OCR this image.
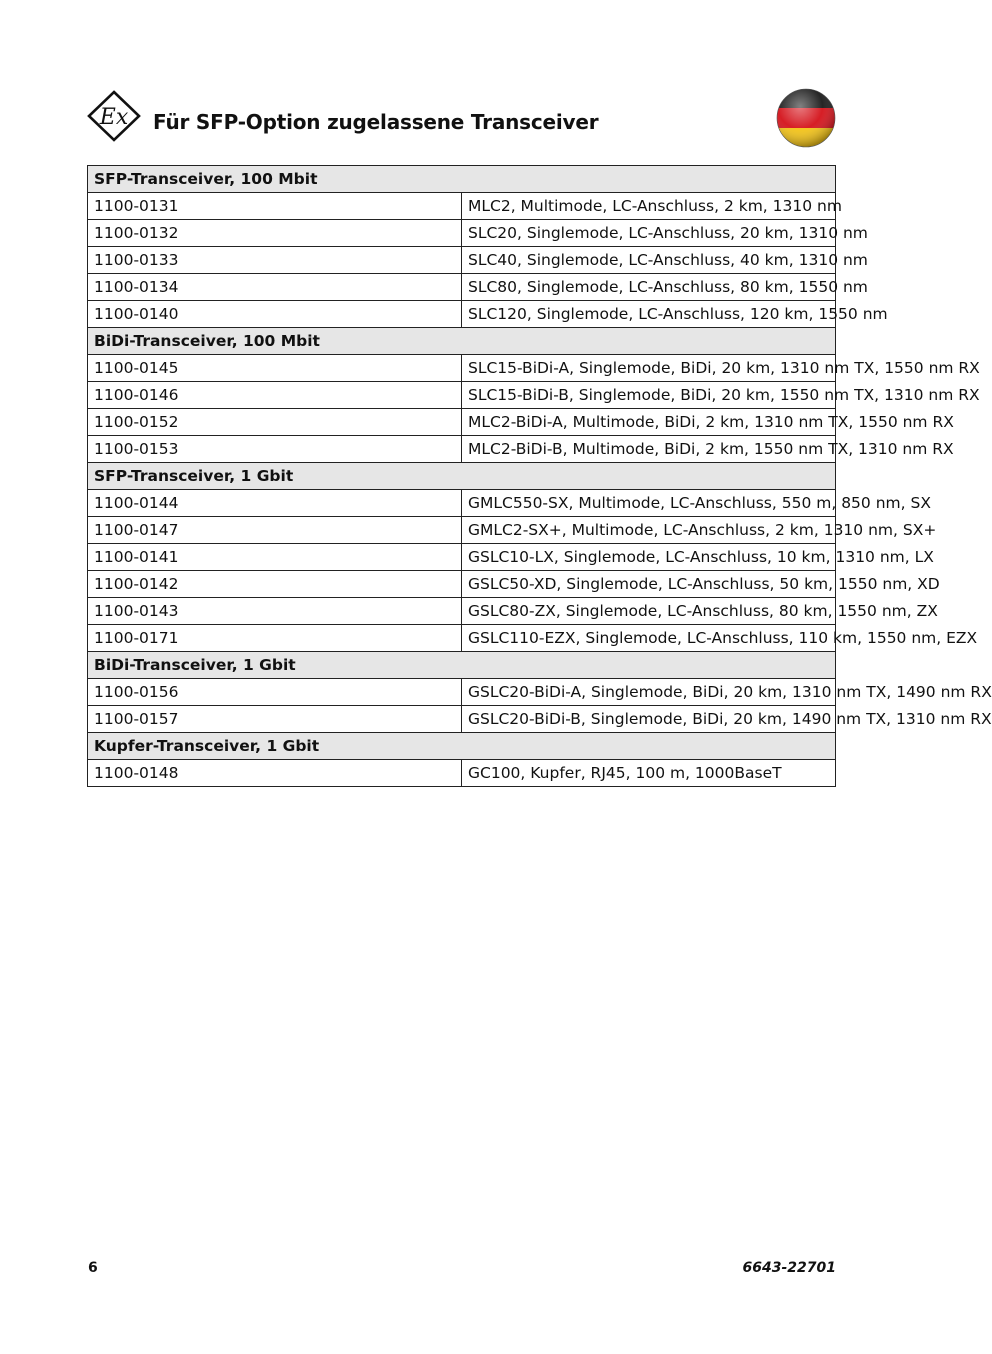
Ex Für SFP-Option zugelassene Transceiver
SFP-Transceiver, 100 Mbit	
1100-0131	MLC2, Multimode, LC-Anschluss, 2 km, 1310 nm
1100-0132	SLC20, Singlemode, LC-Anschluss, 20 km, 1310 nm
1100-0133	SLC40, Singlemode, LC-Anschluss, 40 km, 1310 nm
1100-0134	SLC80, Singlemode, LC-Anschluss, 80 km, 1550 nm
1100-0140	SLC120, Singlemode, LC-Anschluss, 120 km, 1550 nm
BiDi-Transceiver, 100 Mbit	
1100-0145	SLC15-BiDi-A, Singlemode, BiDi, 20 km, 1310 nm TX, 1550 nm RX
1100-0146	SLC15-BiDi-B, Singlemode, BiDi, 20 km, 1550 nm TX, 1310 nm RX
1100-0152	MLC2-BiDi-A, Multimode, BiDi, 2 km, 1310 nm TX, 1550 nm RX
1100-0153	MLC2-BiDi-B, Multimode, BiDi, 2 km, 1550 nm TX, 1310 nm RX
SFP-Transceiver, 1 Gbit	
1100-0144	GMLC550-SX, Multimode, LC-Anschluss, 550 m, 850 nm, SX
1100-0147	GMLC2-SX+, Multimode, LC-Anschluss, 2 km, 1310 nm, SX+
1100-0141	GSLC10-LX, Singlemode, LC-Anschluss, 10 km, 1310 nm, LX
1100-0142	GSLC50-XD, Singlemode, LC-Anschluss, 50 km, 1550 nm, XD
1100-0143	GSLC80-ZX, Singlemode, LC-Anschluss, 80 km, 1550 nm, ZX
1100-0171	GSLC110-EZX, Singlemode, LC-Anschluss, 110 km, 1550 nm, EZX
BiDi-Transceiver, 1 Gbit	
1100-0156	GSLC20-BiDi-A, Singlemode, BiDi, 20 km, 1310 nm TX, 1490 nm RX
1100-0157	GSLC20-BiDi-B, Singlemode, BiDi, 20 km, 1490 nm TX, 1310 nm RX
Kupfer-Transceiver, 1 Gbit	
1100-0148	GC100, Kupfer, RJ45, 100 m, 1000BaseT
6	6643-22701
